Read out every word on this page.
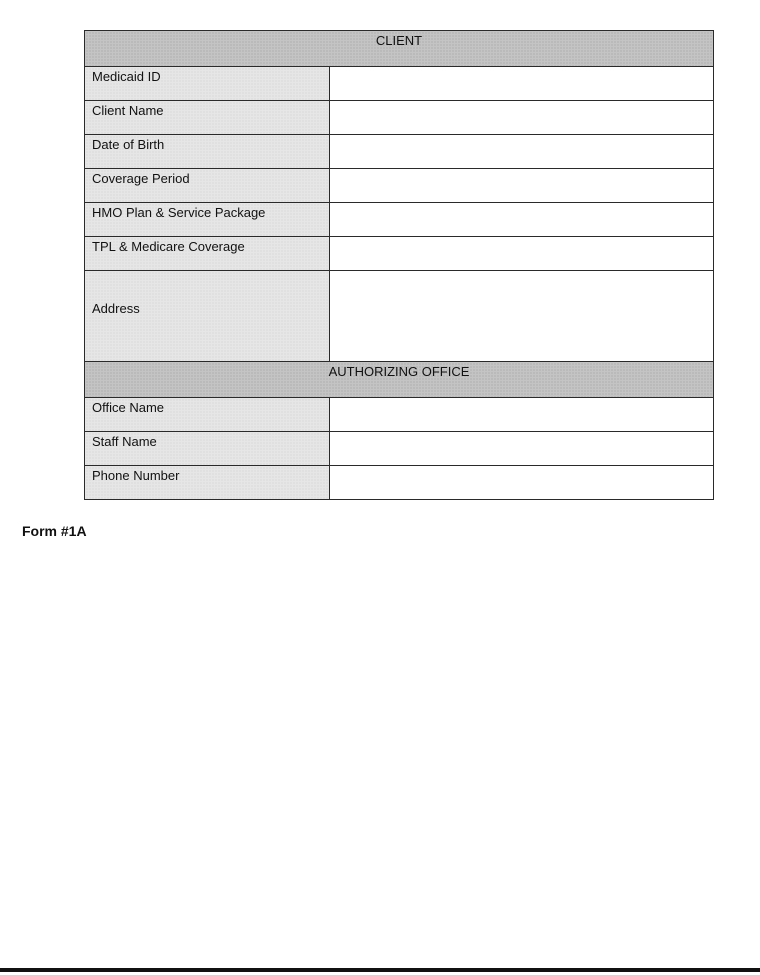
CLIENT	
Medicaid ID	

Client Name	

Date of Birth	

Coverage Period	

HMO Plan & Service Package	

TPL & Medicare Coverage	

Address	

AUTHORIZING OFFICE	
Office Name	

Staff Name	

Phone Number	
Form #1A
